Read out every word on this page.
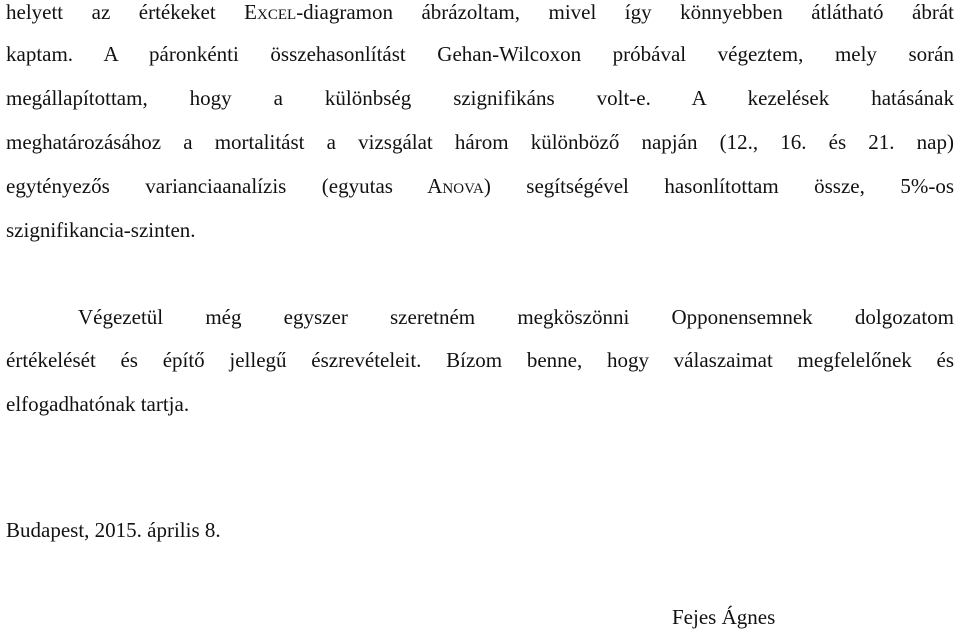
helyett az értékeket EXCEL-diagramon ábrázoltam, mivel így könnyebben átlátható ábrát
kaptam. A páronkénti összehasonlítást Gehan-Wilcoxon próbával végeztem, mely során
megállapítottam, hogy a különbség szignifikáns volt-e. A kezelések hatásának
meghatározásához a mortalitást a vizsgálat három különböző napján (12., 16. és 21. nap)
egytényezős varianciaanalízis (egyutas ANOVA) segítségével hasonlítottam össze, 5%-os
szignifikancia-szinten.
Végezetül még egyszer szeretném megköszönni Opponensemnek dolgozatom
értékelését és építő jellegű észrevételeit. Bízom benne, hogy válaszaimat megfelelőnek és
elfogadhatónak tartja.
Budapest, 2015. április 8.
Fejes Ágnes
